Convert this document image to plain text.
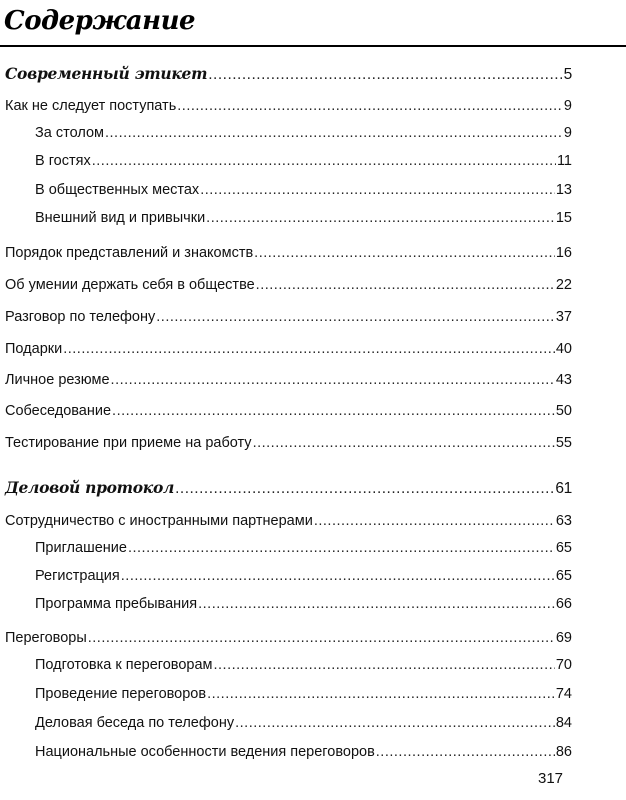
Содержание
Современный этикет .....	5
Как не следует поступать .....	9
За столом .....	9
В гостях .....	11
В общественных местах .....	13
Внешний вид и привычки .....	15
Порядок представлений и знакомств .....	16
Об умении держать себя в обществе .....	22
Разговор по телефону .....	37
Подарки .....	40
Личное резюме .....	43
Собеседование .....	50
Тестирование при приеме на работу .....	55
Деловой протокол .....	61
Сотрудничество с иностранными партнерами .....	63
Приглашение .....	65
Регистрация .....	65
Программа пребывания .....	66
Переговоры .....	69
Подготовка к переговорам .....	70
Проведение переговоров .....	74
Деловая беседа по телефону .....	84
Национальные особенности ведения переговоров .....	86
317
